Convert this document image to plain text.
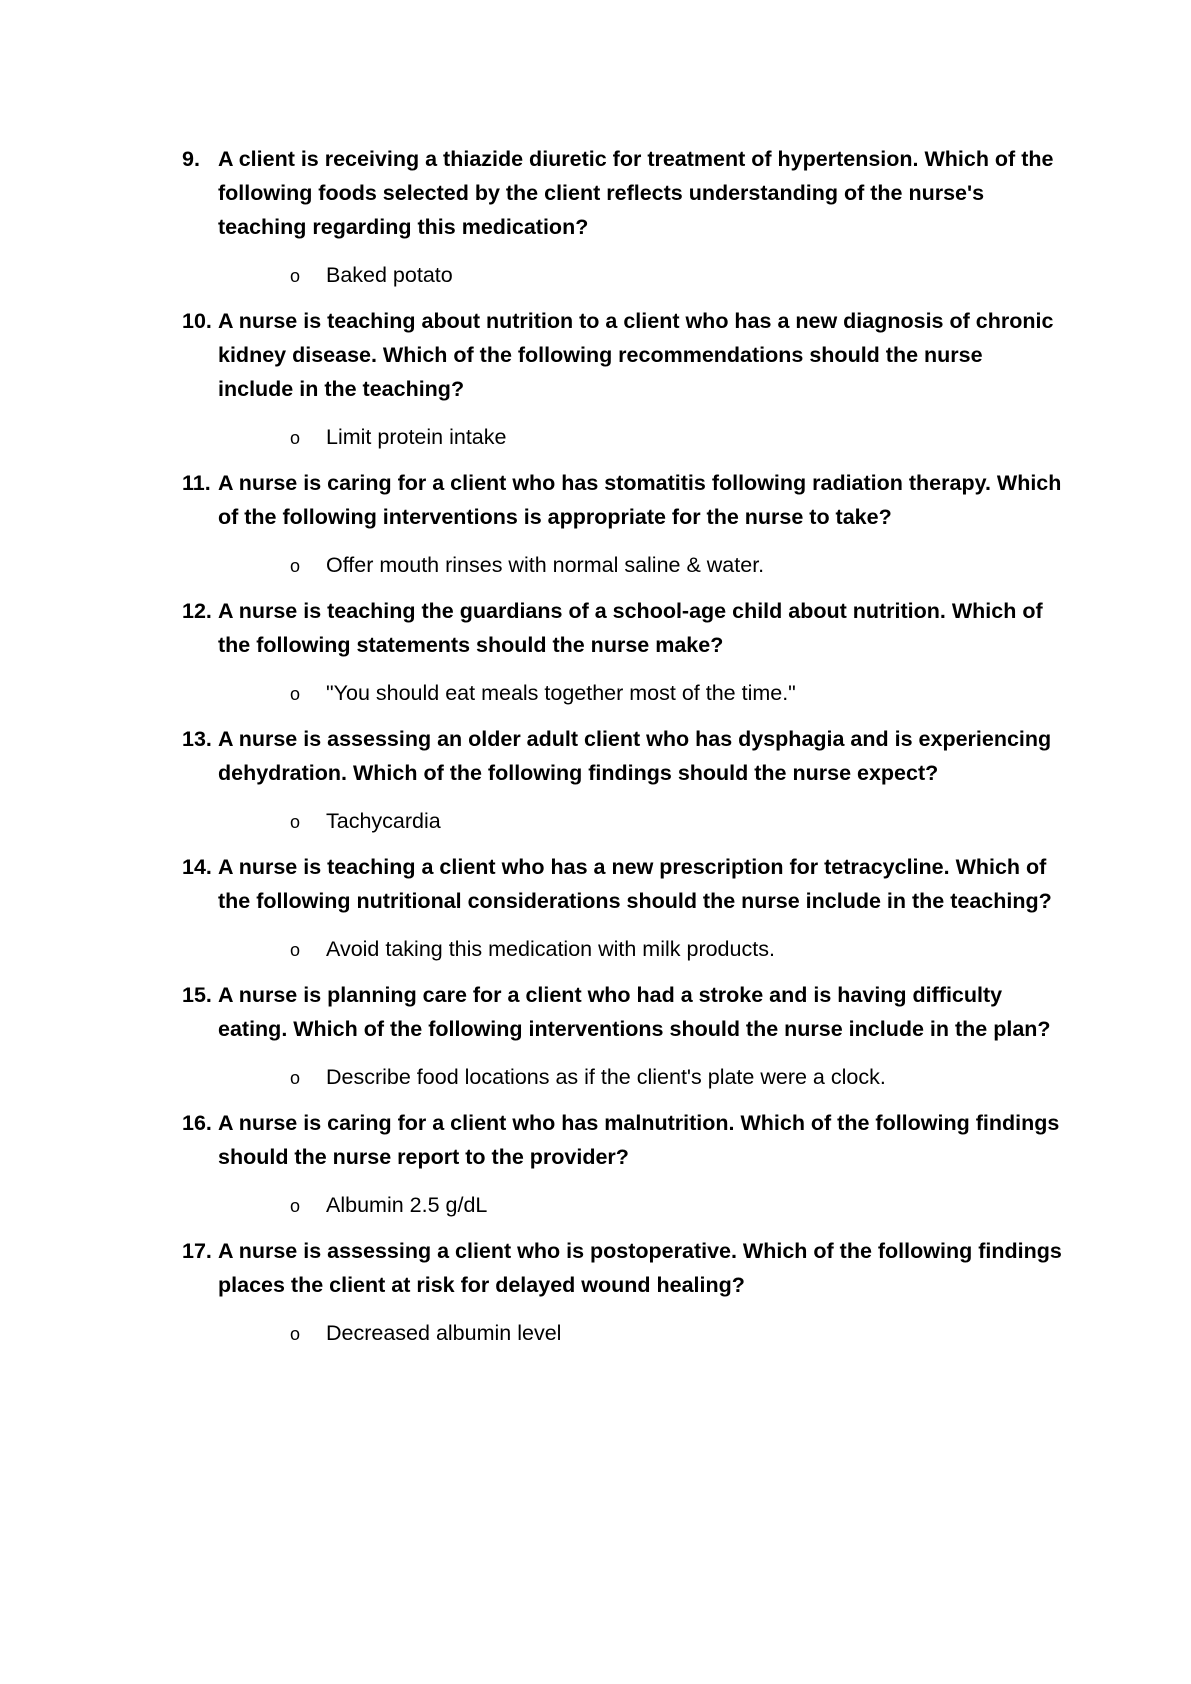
9. A client is receiving a thiazide diuretic for treatment of hypertension. Which of the following foods selected by the client reflects understanding of the nurse's teaching regarding this medication?

o	Baked potato
10. A nurse is teaching about nutrition to a client who has a new diagnosis of chronic kidney disease. Which of the following recommendations should the nurse include in the teaching?

o	Limit protein intake
11. A nurse is caring for a client who has stomatitis following radiation therapy. Which of the following interventions is appropriate for the nurse to take?

o	Offer mouth rinses with normal saline & water.
12. A nurse is teaching the guardians of a school-age child about nutrition. Which of the following statements should the nurse make?

o	"You should eat meals together most of the time."
13. A nurse is assessing an older adult client who has dysphagia and is experiencing dehydration. Which of the following findings should the nurse expect?

o	Tachycardia
14. A nurse is teaching a client who has a new prescription for tetracycline. Which of the following nutritional considerations should the nurse include in the teaching?

o	Avoid taking this medication with milk products.
15. A nurse is planning care for a client who had a stroke and is having difficulty eating. Which of the following interventions should the nurse include in the plan?

o	Describe food locations as if the client's plate were a clock.
16. A nurse is caring for a client who has malnutrition. Which of the following findings should the nurse report to the provider?

o	Albumin 2.5 g/dL
17. A nurse is assessing a client who is postoperative. Which of the following findings places the client at risk for delayed wound healing?

o	Decreased albumin level
